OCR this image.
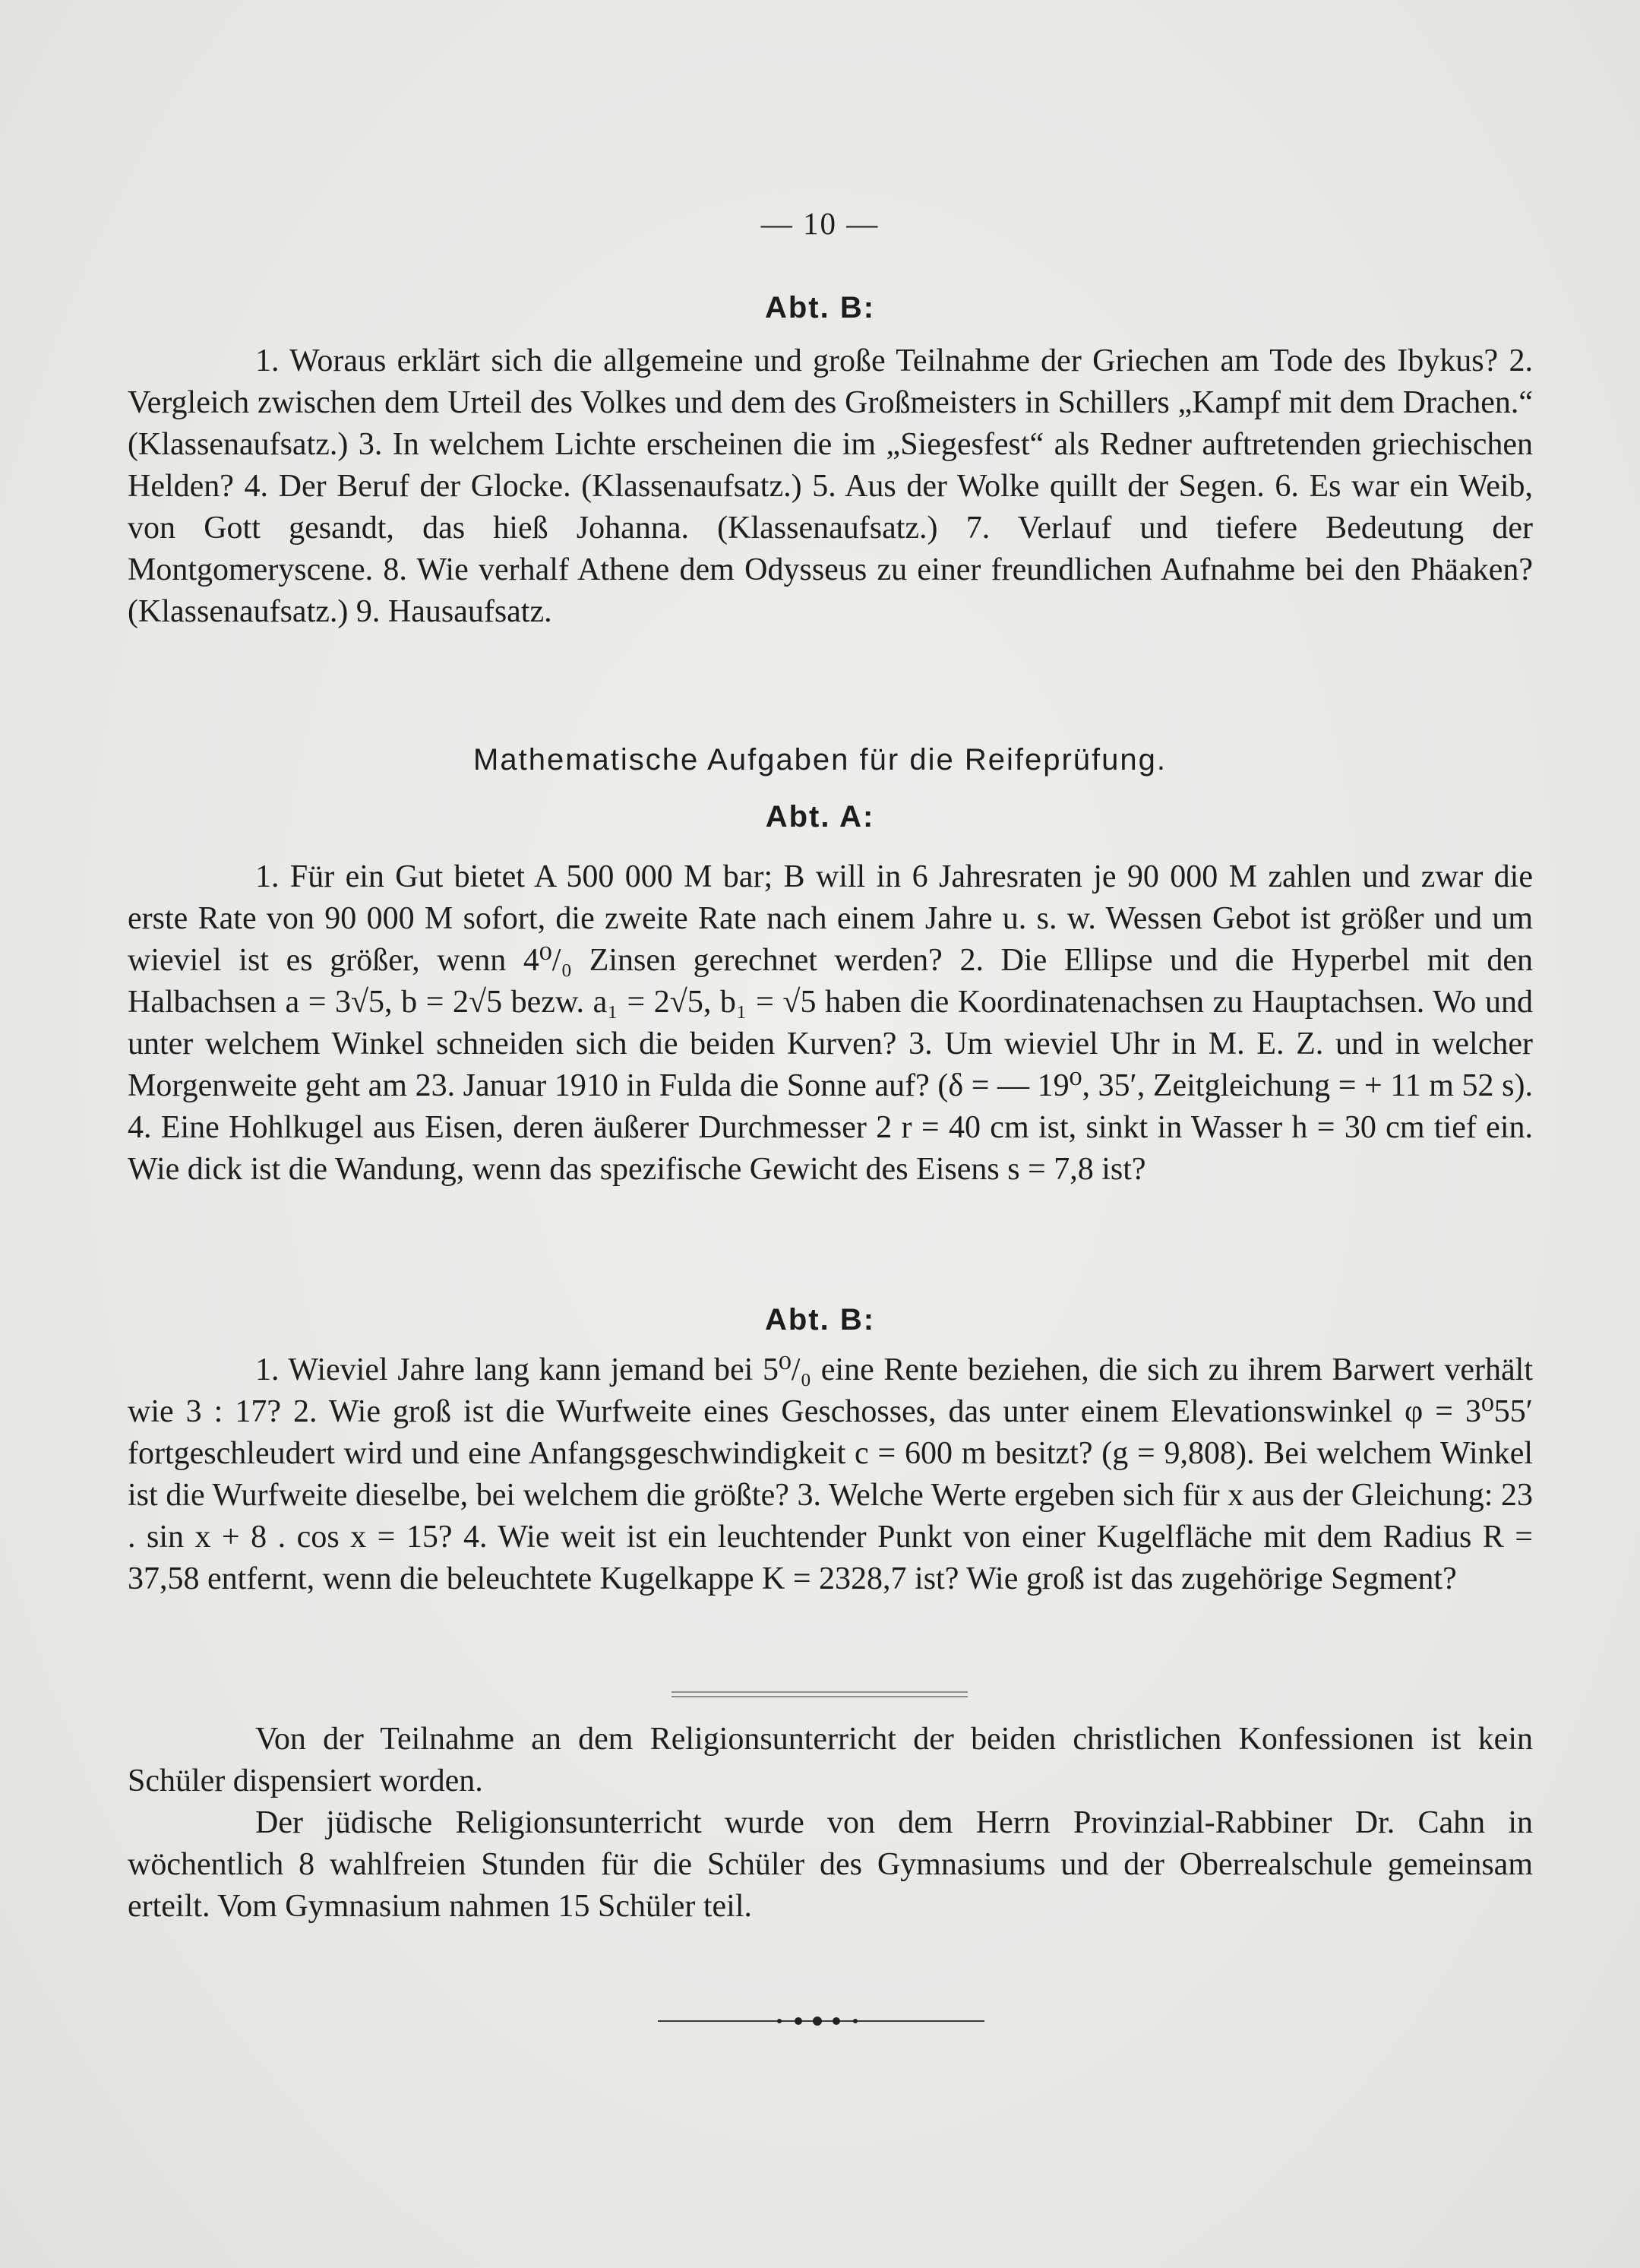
— 10 —
Abt. B:

1. Woraus erklärt sich die allgemeine und große Teilnahme der Griechen am Tode des Ibykus? 2. Vergleich zwischen dem Urteil des Volkes und dem des Großmeisters in Schillers „Kampf mit dem Drachen.“ (Klassenaufsatz.) 3. In welchem Lichte erscheinen die im „Siegesfest“ als Redner auftretenden griechischen Helden? 4. Der Beruf der Glocke. (Klassenaufsatz.) 5. Aus der Wolke quillt der Segen. 6. Es war ein Weib, von Gott gesandt, das hieß Johanna. (Klassenaufsatz.) 7. Verlauf und tiefere Bedeutung der Montgomeryscene. 8. Wie verhalf Athene dem Odysseus zu einer freundlichen Aufnahme bei den Phäaken? (Klassenaufsatz.) 9. Hausaufsatz.

Mathematische Aufgaben für die Reifeprüfung.
Abt. A:

1. Für ein Gut bietet A 500 000 M bar; B will in 6 Jahresraten je 90 000 M zahlen und zwar die erste Rate von 90 000 M sofort, die zweite Rate nach einem Jahre u. s. w. Wessen Gebot ist größer und um wieviel ist es größer, wenn 4⁰/₀ Zinsen gerechnet werden? 2. Die Ellipse und die Hyperbel mit den Halbachsen a = 3√5, b = 2√5 bezw. a₁ = 2√5, b₁ = √5 haben die Koordinatenachsen zu Hauptachsen. Wo und unter welchem Winkel schneiden sich die beiden Kurven? 3. Um wieviel Uhr in M. E. Z. und in welcher Morgenweite geht am 23. Januar 1910 in Fulda die Sonne auf? (δ = — 19⁰, 35′, Zeitgleichung = + 11 m 52 s). 4. Eine Hohlkugel aus Eisen, deren äußerer Durchmesser 2 r = 40 cm ist, sinkt in Wasser h = 30 cm tief ein. Wie dick ist die Wandung, wenn das spezifische Gewicht des Eisens s = 7,8 ist?

Abt. B:

1. Wieviel Jahre lang kann jemand bei 5⁰/₀ eine Rente beziehen, die sich zu ihrem Barwert verhält wie 3 : 17? 2. Wie groß ist die Wurfweite eines Geschosses, das unter einem Elevationswinkel φ = 3⁰55′ fortgeschleudert wird und eine Anfangsgeschwindigkeit c = 600 m besitzt? (g = 9,808). Bei welchem Winkel ist die Wurfweite dieselbe, bei welchem die größte? 3. Welche Werte ergeben sich für x aus der Gleichung: 23 . sin x + 8 . cos x = 15? 4. Wie weit ist ein leuchtender Punkt von einer Kugelfläche mit dem Radius R = 37,58 entfernt, wenn die beleuchtete Kugelkappe K = 2328,7 ist? Wie groß ist das zugehörige Segment?

Von der Teilnahme an dem Religionsunterricht der beiden christlichen Konfessionen ist kein Schüler dispensiert worden.

Der jüdische Religionsunterricht wurde von dem Herrn Provinzial-Rabbiner Dr. Cahn in wöchentlich 8 wahlfreien Stunden für die Schüler des Gymnasiums und der Oberrealschule gemeinsam erteilt. Vom Gymnasium nahmen 15 Schüler teil.
